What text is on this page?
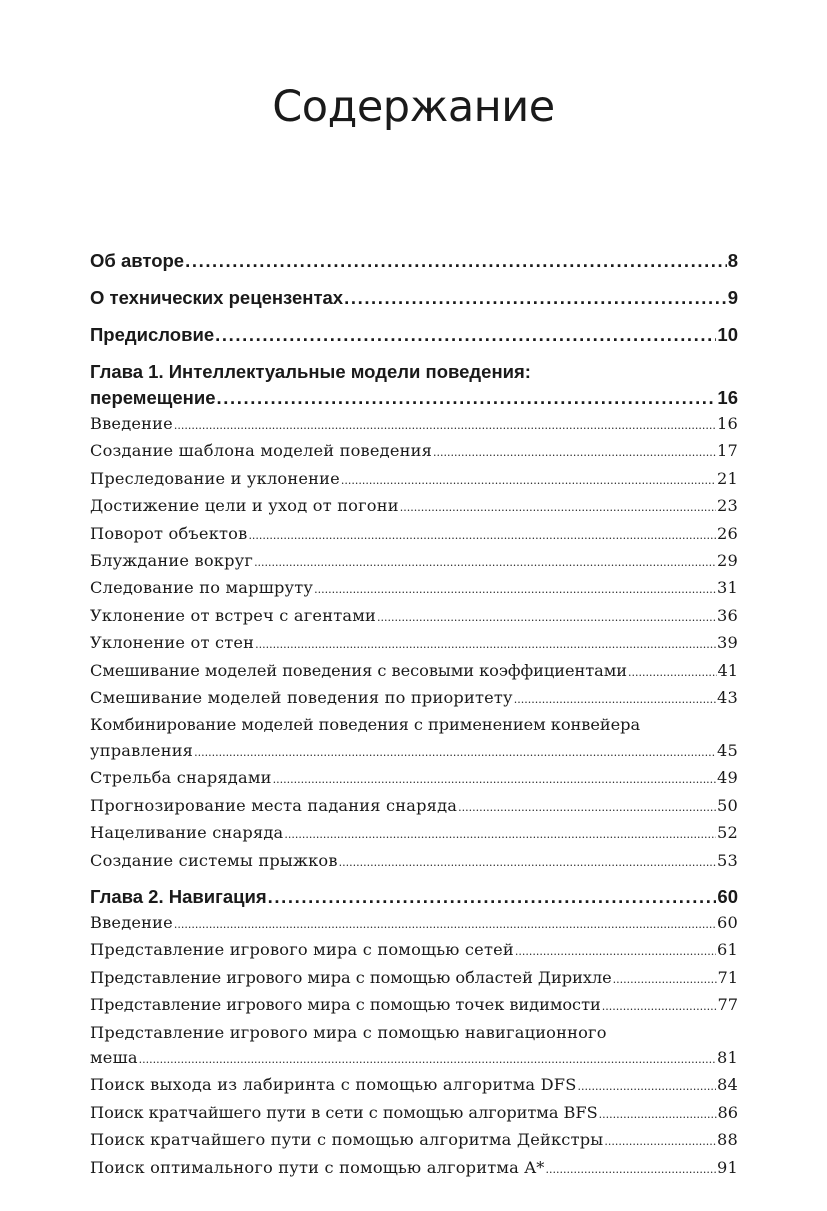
Содержание
Об авторе .....	8
О технических рецензентах .....	9
Предисловие .....	10
Глава 1. Интеллектуальные модели поведения:
перемещение .....	16
Введение .....	16
Создание шаблона моделей поведения .....	17
Преследование и уклонение .....	21
Достижение цели и уход от погони .....	23
Поворот объектов .....	26
Блуждание вокруг .....	29
Следование по маршруту .....	31
Уклонение от встреч с агентами .....	36
Уклонение от стен .....	39
Смешивание моделей поведения с весовыми коэффициентами .....	41
Смешивание моделей поведения по приоритету .....	43
Комбинирование моделей поведения с применением конвейера
управления .....	45
Стрельба снарядами .....	49
Прогнозирование места падания снаряда .....	50
Нацеливание снаряда .....	52
Создание системы прыжков .....	53
Глава 2. Навигация .....	60
Введение .....	60
Представление игрового мира с помощью сетей .....	61
Представление игрового мира с помощью областей Дирихле .....	71
Представление игрового мира с помощью точек видимости .....	77
Представление игрового мира с помощью навигационного
меша .....	81
Поиск выхода из лабиринта с помощью алгоритма DFS .....	84
Поиск кратчайшего пути в сети с помощью алгоритма BFS .....	86
Поиск кратчайшего пути с помощью алгоритма Дейкстры .....	88
Поиск оптимального пути с помощью алгоритма A* .....	91
